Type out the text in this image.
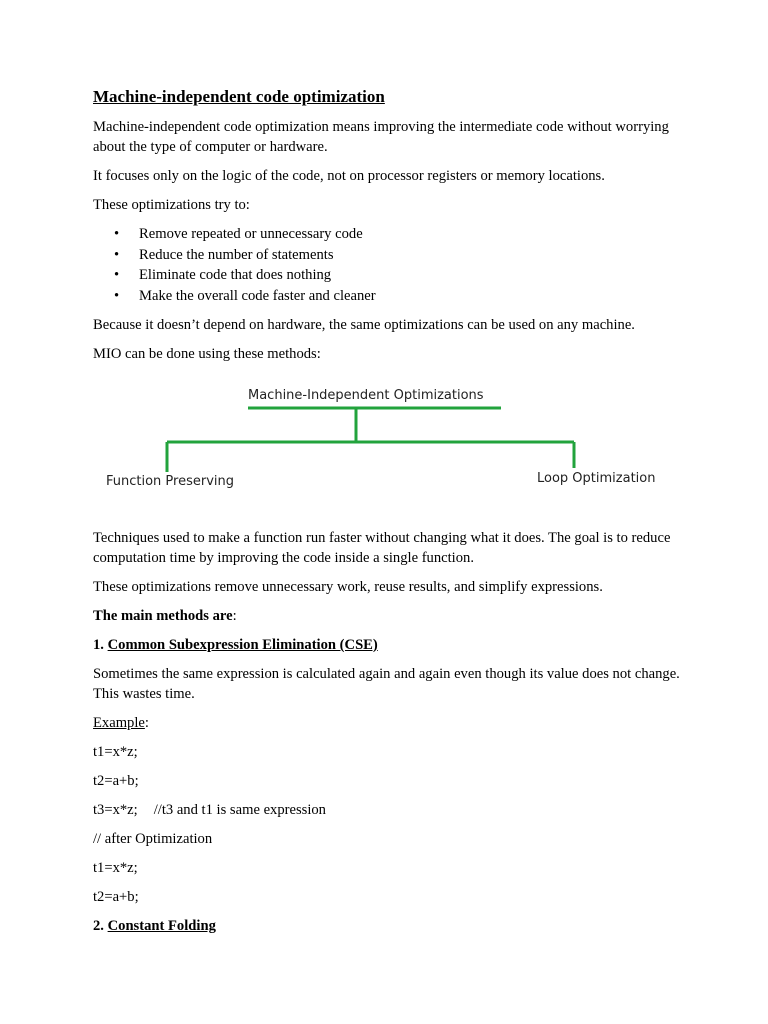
Machine-independent code optimization

Machine-independent code optimization means improving the intermediate code without worrying about the type of computer or hardware.

It focuses only on the logic of the code, not on processor registers or memory locations.

These optimizations try to:

• Remove repeated or unnecessary code
• Reduce the number of statements
• Eliminate code that does nothing
• Make the overall code faster and cleaner

Because it doesn’t depend on hardware, the same optimizations can be used on any machine.

MIO can be done using these methods:

Machine-Independent Optimizations
Function Preserving	Loop Optimization

Techniques used to make a function run faster without changing what it does. The goal is to reduce computation time by improving the code inside a single function.

These optimizations remove unnecessary work, reuse results, and simplify expressions.

The main methods are:

1. Common Subexpression Elimination (CSE)

Sometimes the same expression is calculated again and again even though its value does not change. This wastes time.

Example:

t1=x*z;

t2=a+b;

t3=x*z; //t3 and t1 is same expression

// after Optimization

t1=x*z;

t2=a+b;

2. Constant Folding
